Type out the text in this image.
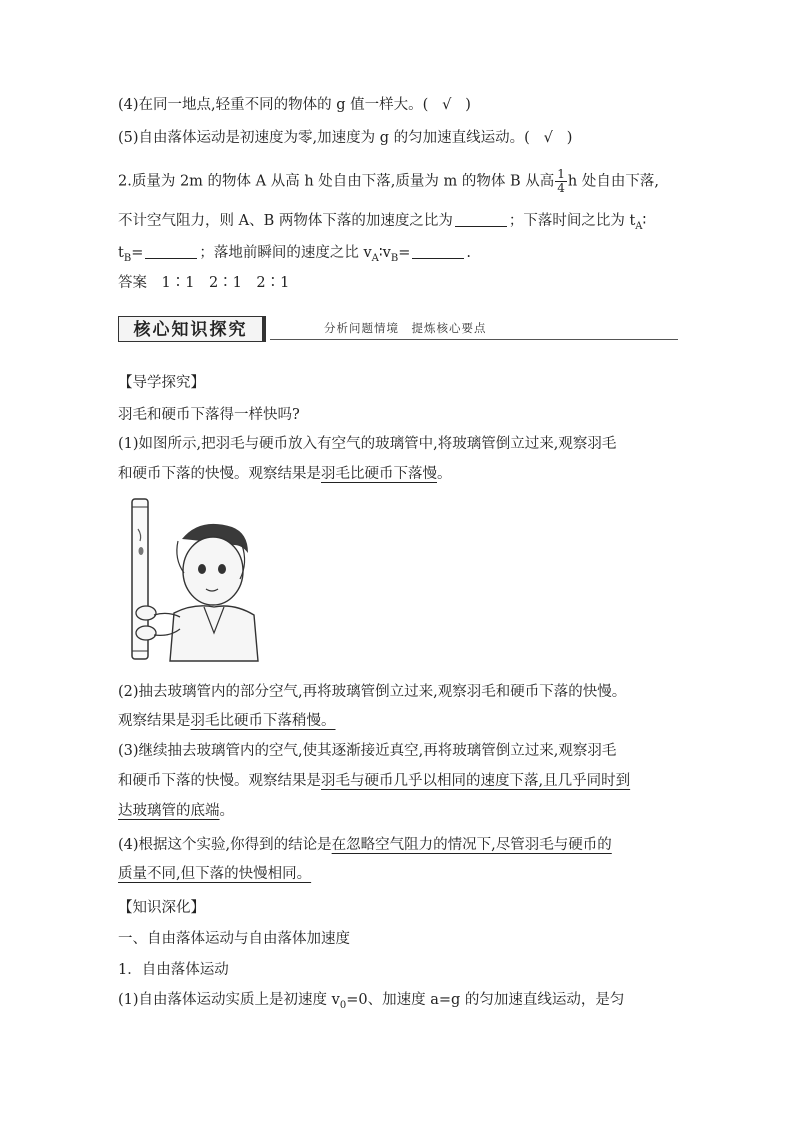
(4)在同一地点,轻重不同的物体的 g 值一样大。( √ )
(5)自由落体运动是初速度为零,加速度为 g 的匀加速直线运动。( √ )
2.质量为 2m 的物体 A 从高 h 处自由下落,质量为 m 的物体 B 从高 $\frac{1}{4}$ h 处自由下落,
不计空气阻力，则 A、B 两物体下落的加速度之比为	；下落时间之比为 $t_A∶$
$t_B=$	；落地前瞬间的速度之比 $v_A∶v_B=$	.
答案　1∶1　2∶1　2∶1
核心知识探究	分析问题情境　提炼核心要点
【导学探究】
羽毛和硬币下落得一样快吗?
(1)如图所示,把羽毛与硬币放入有空气的玻璃管中,将玻璃管倒立过来,观察羽毛
和硬币下落的快慢。观察结果是羽毛比硬币下落慢。
(2)抽去玻璃管内的部分空气,再将玻璃管倒立过来,观察羽毛和硬币下落的快慢。
观察结果是羽毛比硬币下落稍慢。
(3)继续抽去玻璃管内的空气,使其逐渐接近真空,再将玻璃管倒立过来,观察羽毛
和硬币下落的快慢。观察结果是羽毛与硬币几乎以相同的速度下落,且几乎同时到
达玻璃管的底端。
(4)根据这个实验,你得到的结论是在忽略空气阻力的情况下,尽管羽毛与硬币的
质量不同,但下落的快慢相同。
【知识深化】
一、自由落体运动与自由落体加速度
1．自由落体运动
(1)自由落体运动实质上是初速度 $v_0=0$、加速度 a=g 的匀加速直线运动，是匀
